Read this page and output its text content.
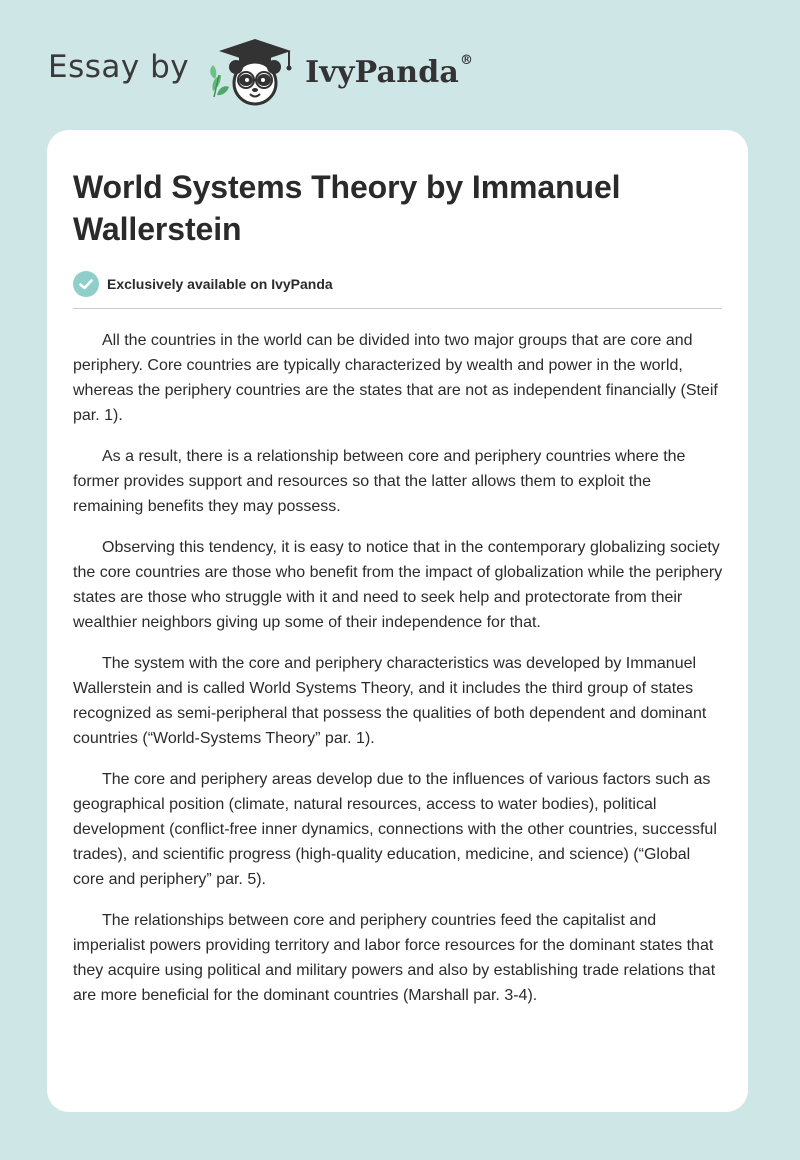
Essay by	IvyPanda®
World Systems Theory by Immanuel Wallerstein
Exclusively available on IvyPanda

All the countries in the world can be divided into two major groups that are core and periphery. Core countries are typically characterized by wealth and power in the world, whereas the periphery countries are the states that are not as independent financially (Steif par. 1).

As a result, there is a relationship between core and periphery countries where the former provides support and resources so that the latter allows them to exploit the remaining benefits they may possess.

Observing this tendency, it is easy to notice that in the contemporary globalizing society the core countries are those who benefit from the impact of globalization while the periphery states are those who struggle with it and need to seek help and protectorate from their wealthier neighbors giving up some of their independence for that.

The system with the core and periphery characteristics was developed by Immanuel Wallerstein and is called World Systems Theory, and it includes the third group of states recognized as semi-peripheral that possess the qualities of both dependent and dominant countries (“World-Systems Theory” par. 1).

The core and periphery areas develop due to the influences of various factors such as geographical position (climate, natural resources, access to water bodies), political development (conflict-free inner dynamics, connections with the other countries, successful trades), and scientific progress (high-quality education, medicine, and science) (“Global core and periphery” par. 5).

The relationships between core and periphery countries feed the capitalist and imperialist powers providing territory and labor force resources for the dominant states that they acquire using political and military powers and also by establishing trade relations that are more beneficial for the dominant countries (Marshall par. 3-4).
